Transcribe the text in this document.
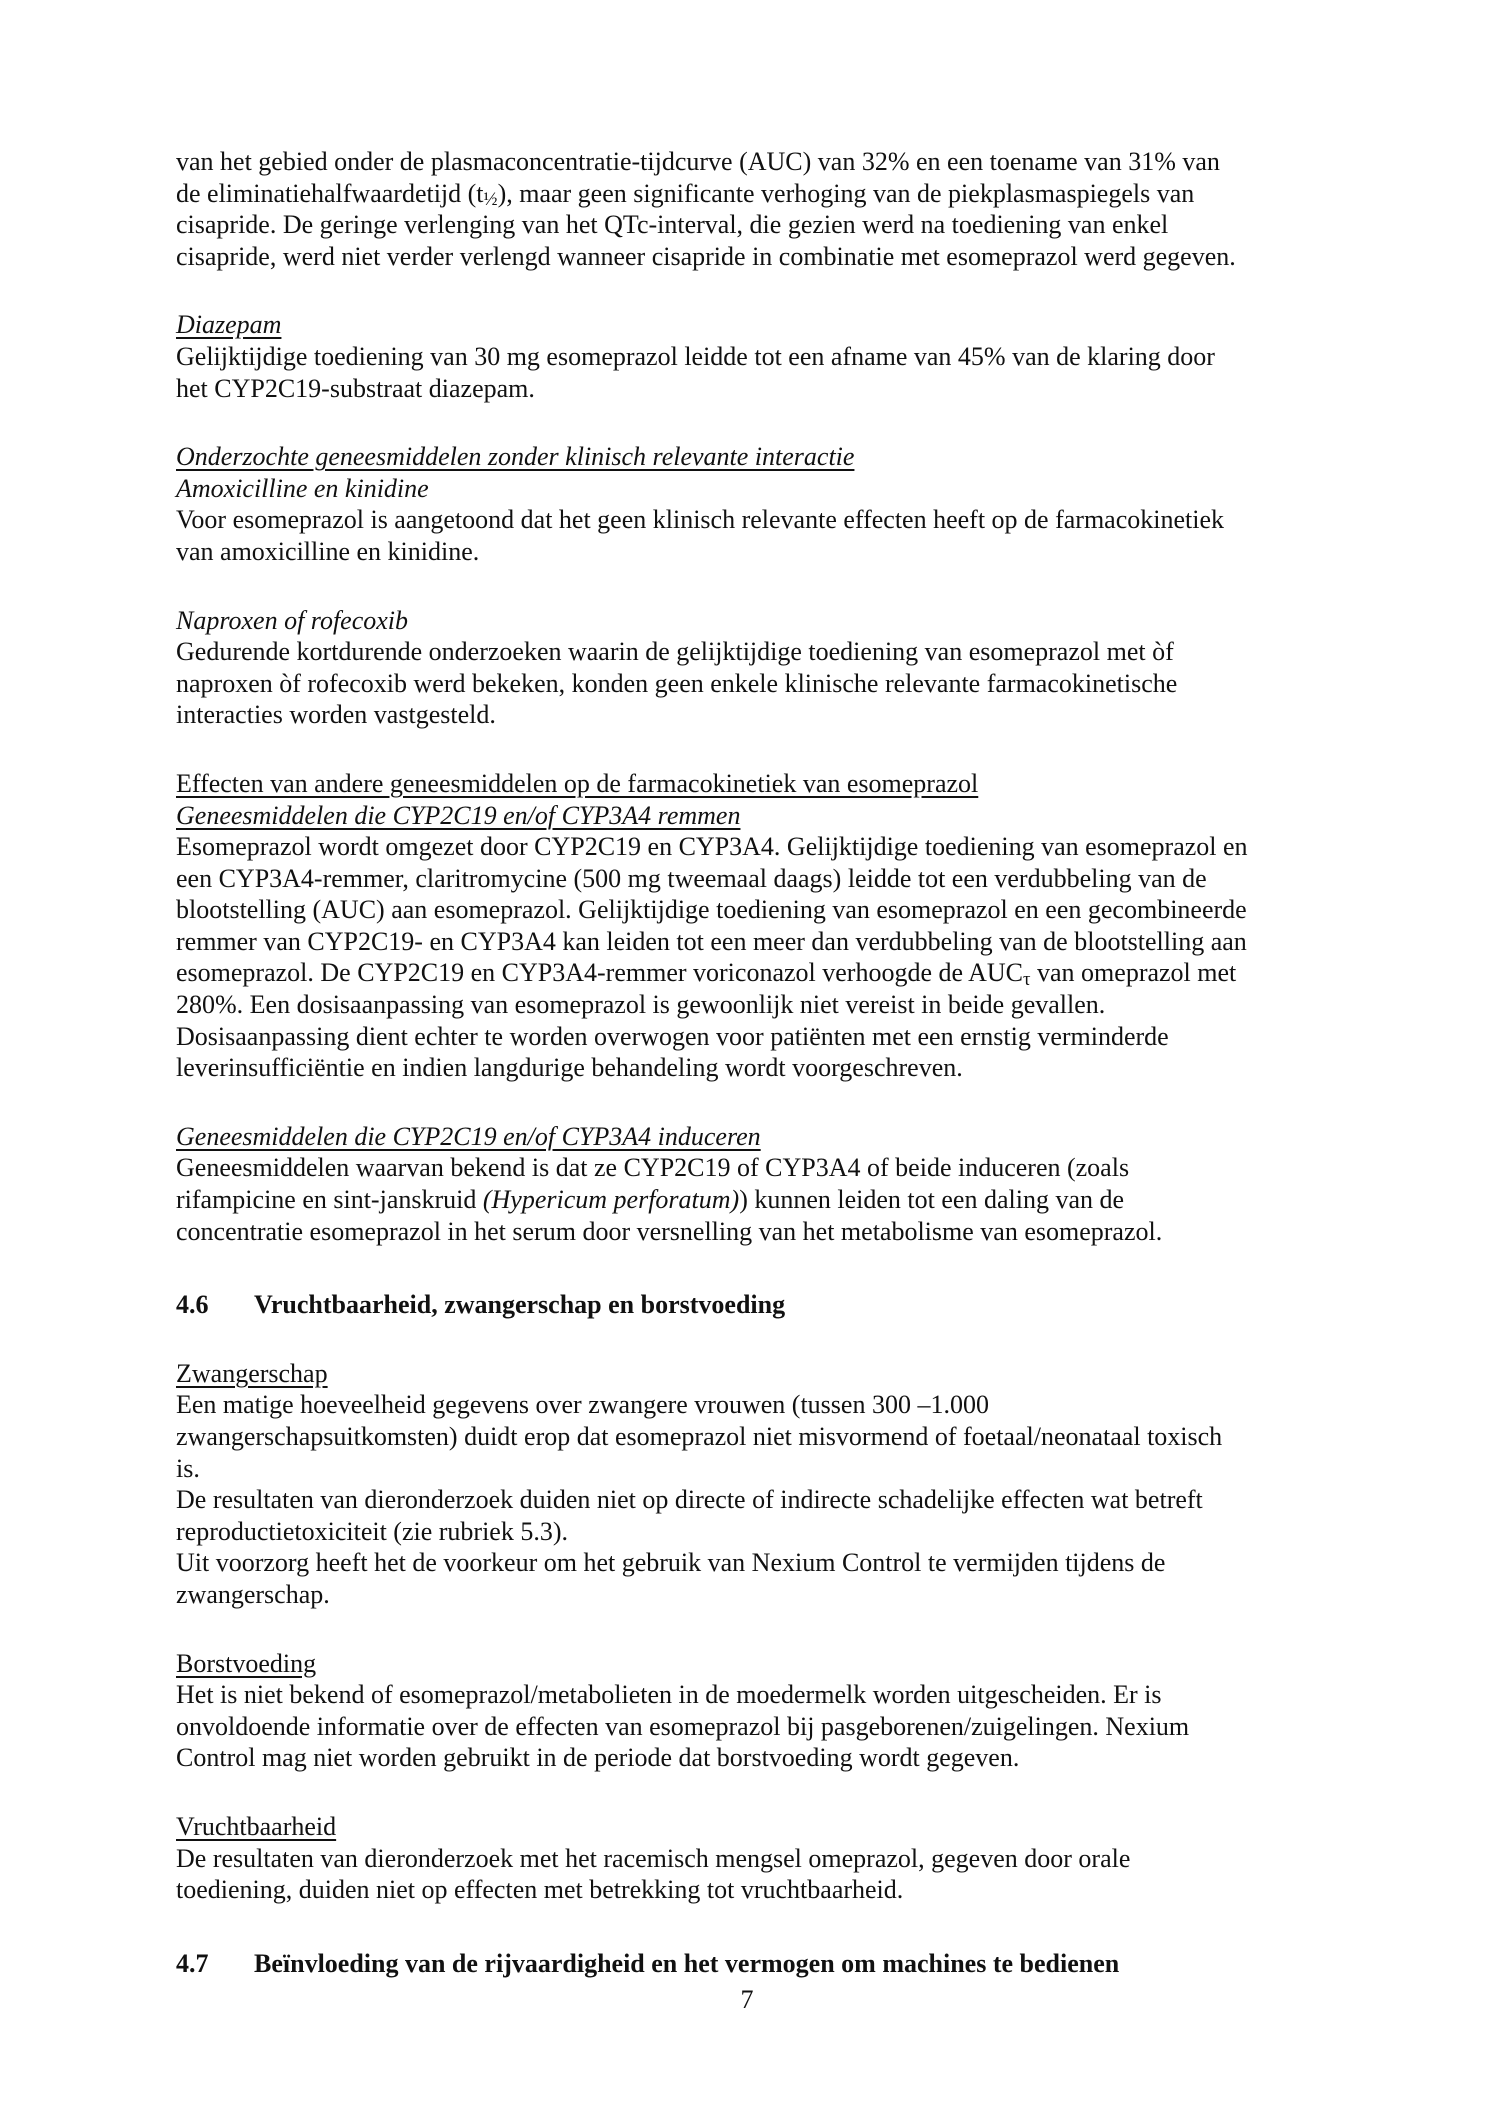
van het gebied onder de plasmaconcentratie-tijdcurve (AUC) van 32% en een toename van 31% van
de eliminatiehalfwaardetijd $(t_{\frac{1}{2}})$, maar geen significante verhoging van de piekplasmaspiegels van
cisapride. De geringe verlenging van het QTc-interval, die gezien werd na toediening van enkel
cisapride, werd niet verder verlengd wanneer cisapride in combinatie met esomeprazol werd gegeven.
Diazepam
Gelijktijdige toediening van 30 mg esomeprazol leidde tot een afname van 45% van de klaring door
het CYP2C19-substraat diazepam.
Onderzochte geneesmiddelen zonder klinisch relevante interactie
Amoxicilline en kinidine
Voor esomeprazol is aangetoond dat het geen klinisch relevante effecten heeft op de farmacokinetiek
van amoxicilline en kinidine.
Naproxen of rofecoxib
Gedurende kortdurende onderzoeken waarin de gelijktijdige toediening van esomeprazol met òf
naproxen òf rofecoxib werd bekeken, konden geen enkele klinische relevante farmacokinetische
interacties worden vastgesteld.
Effecten van andere geneesmiddelen op de farmacokinetiek van esomeprazol
Geneesmiddelen die CYP2C19 en/of CYP3A4 remmen
Esomeprazol wordt omgezet door CYP2C19 en CYP3A4. Gelijktijdige toediening van esomeprazol en
een CYP3A4-remmer, claritromycine (500 mg tweemaal daags) leidde tot een verdubbeling van de
blootstelling (AUC) aan esomeprazol. Gelijktijdige toediening van esomeprazol en een gecombineerde
remmer van CYP2C19- en CYP3A4 kan leiden tot een meer dan verdubbeling van de blootstelling aan
esomeprazol. De CYP2C19 en CYP3A4-remmer voriconazol verhoogde de $AUC_\tau$ van omeprazol met
280%. Een dosisaanpassing van esomeprazol is gewoonlijk niet vereist in beide gevallen.
Dosisaanpassing dient echter te worden overwogen voor patiënten met een ernstig verminderde
leverinsufficiëntie en indien langdurige behandeling wordt voorgeschreven.
Geneesmiddelen die CYP2C19 en/of CYP3A4 induceren
Geneesmiddelen waarvan bekend is dat ze CYP2C19 of CYP3A4 of beide induceren (zoals
rifampicine en sint-janskruid (Hypericum perforatum)) kunnen leiden tot een daling van de
concentratie esomeprazol in het serum door versnelling van het metabolisme van esomeprazol.
4.6 Vruchtbaarheid, zwangerschap en borstvoeding
Zwangerschap
Een matige hoeveelheid gegevens over zwangere vrouwen (tussen 300 –1.000
zwangerschapsuitkomsten) duidt erop dat esomeprazol niet misvormend of foetaal/neonataal toxisch
is.
De resultaten van dieronderzoek duiden niet op directe of indirecte schadelijke effecten wat betreft
reproductietoxiciteit (zie rubriek 5.3).
Uit voorzorg heeft het de voorkeur om het gebruik van Nexium Control te vermijden tijdens de
zwangerschap.
Borstvoeding
Het is niet bekend of esomeprazol/metabolieten in de moedermelk worden uitgescheiden. Er is
onvoldoende informatie over de effecten van esomeprazol bij pasgeborenen/zuigelingen. Nexium
Control mag niet worden gebruikt in de periode dat borstvoeding wordt gegeven.
Vruchtbaarheid
De resultaten van dieronderzoek met het racemisch mengsel omeprazol, gegeven door orale
toediening, duiden niet op effecten met betrekking tot vruchtbaarheid.
4.7 Beïnvloeding van de rijvaardigheid en het vermogen om machines te bedienen
7
